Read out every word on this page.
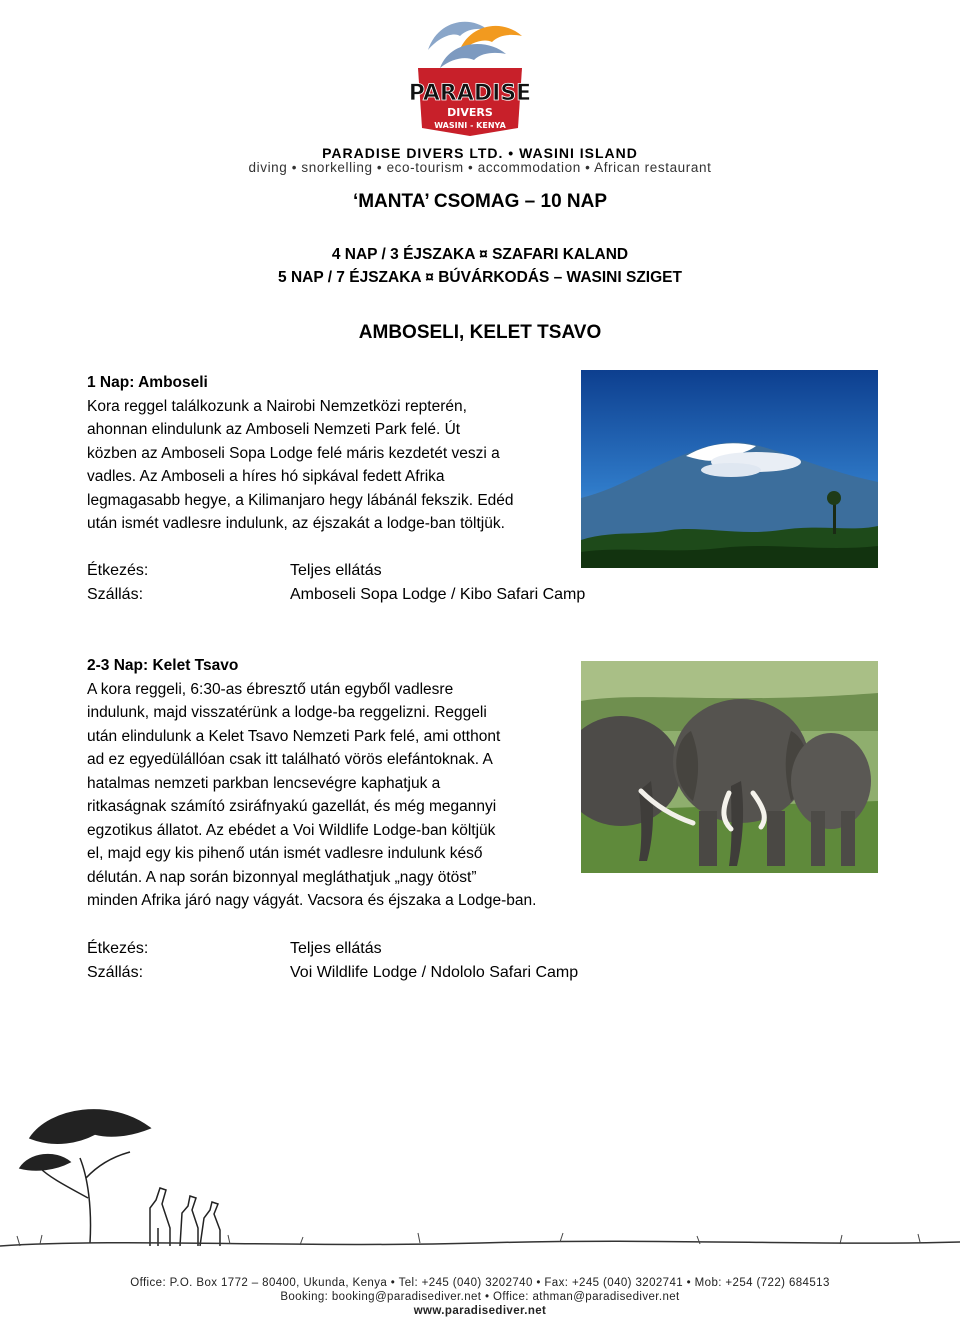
PARADISE
DIVERS
WASINI - KENYA
PARADISE DIVERS LTD. • WASINI ISLAND
diving • snorkelling • eco-tourism • accommodation • African restaurant
‘MANTA’ CSOMAG – 10 NAP
4 NAP / 3 ÉJSZAKA ¤ SZAFARI KALAND
5 NAP / 7 ÉJSZAKA ¤ BÚVÁRKODÁS – WASINI SZIGET
AMBOSELI, KELET TSAVO
1 Nap: Amboseli

Kora reggel találkozunk a Nairobi Nemzetközi repterén,

ahonnan elindulunk az Amboseli Nemzeti Park felé. Út

közben az Amboseli Sopa Lodge felé máris kezdetét veszi a

vadles. Az Amboseli a híres hó sipkával fedett Afrika

legmagasabb hegye, a Kilimanjaro hegy lábánál fekszik. Edéd

után ismét vadlesre indulunk, az éjszakát a lodge-ban töltjük.

Étkezés:	Teljes ellátás
Szállás:	Amboseli Sopa Lodge / Kibo Safari Camp
2-3 Nap: Kelet Tsavo

A kora reggeli, 6:30-as ébresztő után egyből vadlesre

indulunk, majd visszatérünk a lodge-ba reggelizni. Reggeli

után elindulunk a Kelet Tsavo Nemzeti Park felé, ami otthont

ad ez egyedülállóan csak itt található vörös elefántoknak. A

hatalmas nemzeti parkban lencsevégre kaphatjuk a

ritkaságnak számító zsiráfnyakú gazellát, és még megannyi

egzotikus állatot. Az ebédet a Voi Wildlife Lodge-ban költjük

el, majd egy kis pihenő után ismét vadlesre indulunk késő

délután. A nap során bizonnyal megláthatjuk „nagy ötöst”

minden Afrika járó nagy vágyát. Vacsora és éjszaka a Lodge-ban.

Étkezés:	Teljes ellátás
Szállás:	Voi Wildlife Lodge / Ndololo Safari Camp
Office: P.O. Box 1772 – 80400, Ukunda, Kenya • Tel: +245 (040) 3202740 • Fax: +245 (040) 3202741 • Mob: +254 (722) 684513
Booking: booking@paradisediver.net • Office: athman@paradisediver.net
www.paradisediver.net
